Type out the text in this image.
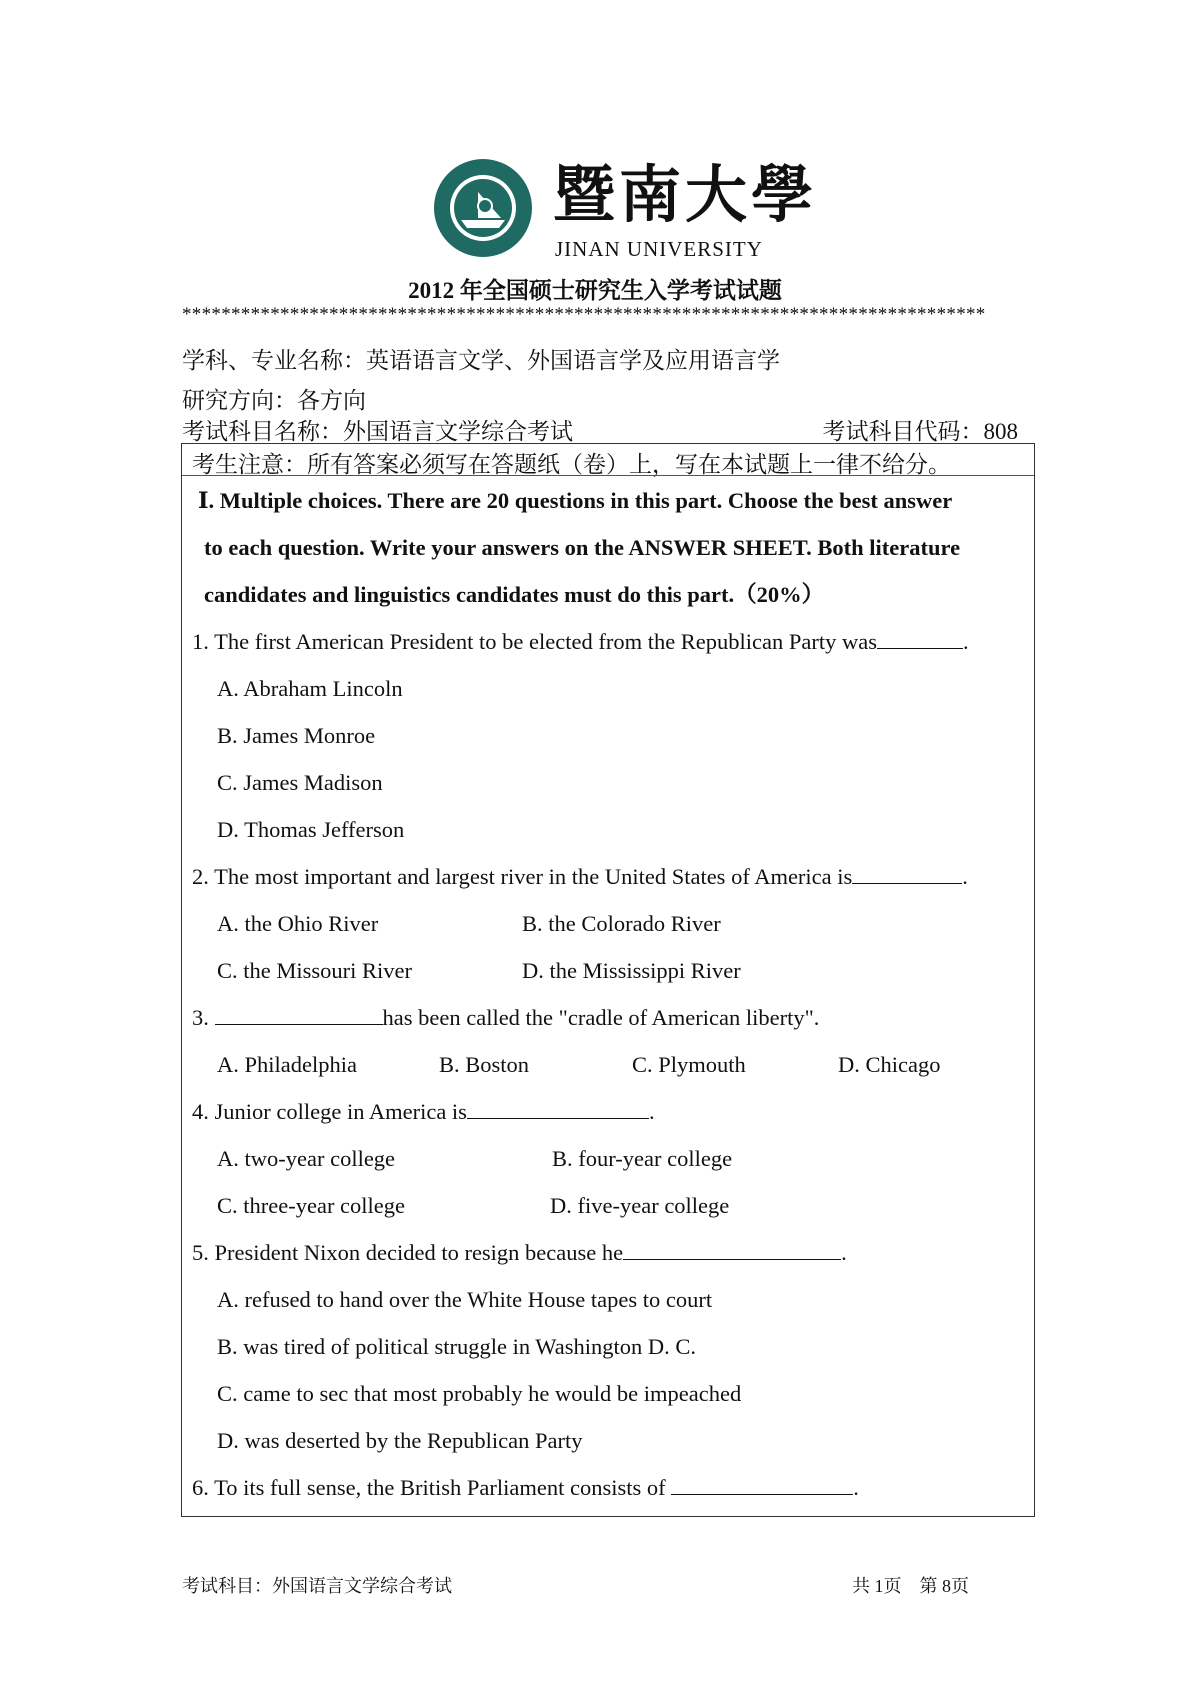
暨南大學
JINAN UNIVERSITY
2012 年全国硕士研究生入学考试试题
**********************************************************************************
学科、专业名称：英语语言文学、外国语言学及应用语言学
研究方向：各方向
考试科目名称：外国语言文学综合考试	考试科目代码：808
考生注意：所有答案必须写在答题纸（卷）上，写在本试题上一律不给分。
Ⅰ. Multiple choices. There are 20 questions in this part. Choose the best answer
to each question. Write your answers on the ANSWER SHEET. Both literature
candidates and linguistics candidates must do this part.（20%）
1. The first American President to be elected from the Republican Party was	.
A. Abraham Lincoln
B. James Monroe
C. James Madison
D. Thomas Jefferson
2. The most important and largest river in the United States of America is	.
A. the Ohio River	B. the Colorado River
C. the Missouri River	D. the Mississippi River
3.	has been called the "cradle of American liberty".
A. Philadelphia	B. Boston	C. Plymouth	D. Chicago
4. Junior college in America is	.
A. two-year college	B. four-year college
C. three-year college	D. five-year college
5. President Nixon decided to resign because he	.
A. refused to hand over the White House tapes to court
B. was tired of political struggle in Washington D. C.
C. came to sec that most probably he would be impeached
D. was deserted by the Republican Party
6. To its full sense, the British Parliament consists of	.
考试科目：外国语言文学综合考试	共 1页　第 8页
